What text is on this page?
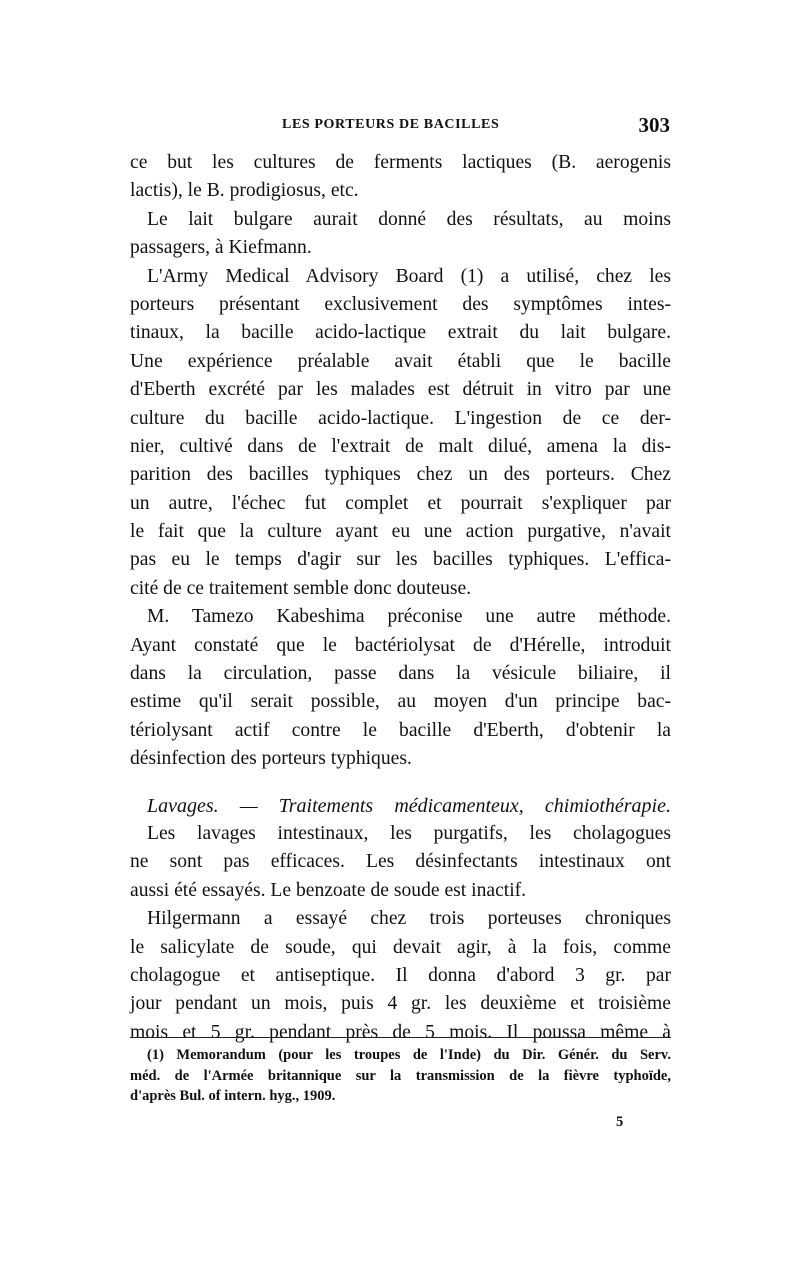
LES PORTEURS DE BACILLES	303
ce but les cultures de ferments lactiques (B. aerogenis
lactis), le B. prodigiosus, etc.
Le lait bulgare aurait donné des résultats, au moins
passagers, à Kiefmann.
L'Army Medical Advisory Board (1) a utilisé, chez les
porteurs présentant exclusivement des symptômes intes-
tinaux, la bacille acido-lactique extrait du lait bulgare.
Une expérience préalable avait établi que le bacille
d'Eberth excrété par les malades est détruit in vitro par une
culture du bacille acido-lactique. L'ingestion de ce der-
nier, cultivé dans de l'extrait de malt dilué, amena la dis-
parition des bacilles typhiques chez un des porteurs. Chez
un autre, l'échec fut complet et pourrait s'expliquer par
le fait que la culture ayant eu une action purgative, n'avait
pas eu le temps d'agir sur les bacilles typhiques. L'effica-
cité de ce traitement semble donc douteuse.
M. Tamezo Kabeshima préconise une autre méthode.
Ayant constaté que le bactériolysat de d'Hérelle, introduit
dans la circulation, passe dans la vésicule biliaire, il
estime qu'il serait possible, au moyen d'un principe bac-
tériolysant actif contre le bacille d'Eberth, d'obtenir la
désinfection des porteurs typhiques.
Lavages. — Traitements médicamenteux, chimiothérapie.
Les lavages intestinaux, les purgatifs, les cholagogues
ne sont pas efficaces. Les désinfectants intestinaux ont
aussi été essayés. Le benzoate de soude est inactif.
Hilgermann a essayé chez trois porteuses chroniques
le salicylate de soude, qui devait agir, à la fois, comme
cholagogue et antiseptique. Il donna d'abord 3 gr. par
jour pendant un mois, puis 4 gr. les deuxième et troisième
mois et 5 gr. pendant près de 5 mois. Il poussa même à
(1) Memorandum (pour les troupes de l'Inde) du Dir. Génér. du Serv.
méd. de l'Armée britannique sur la transmission de la fièvre typhoïde,
d'après Bul. of intern. hyg., 1909.
5
